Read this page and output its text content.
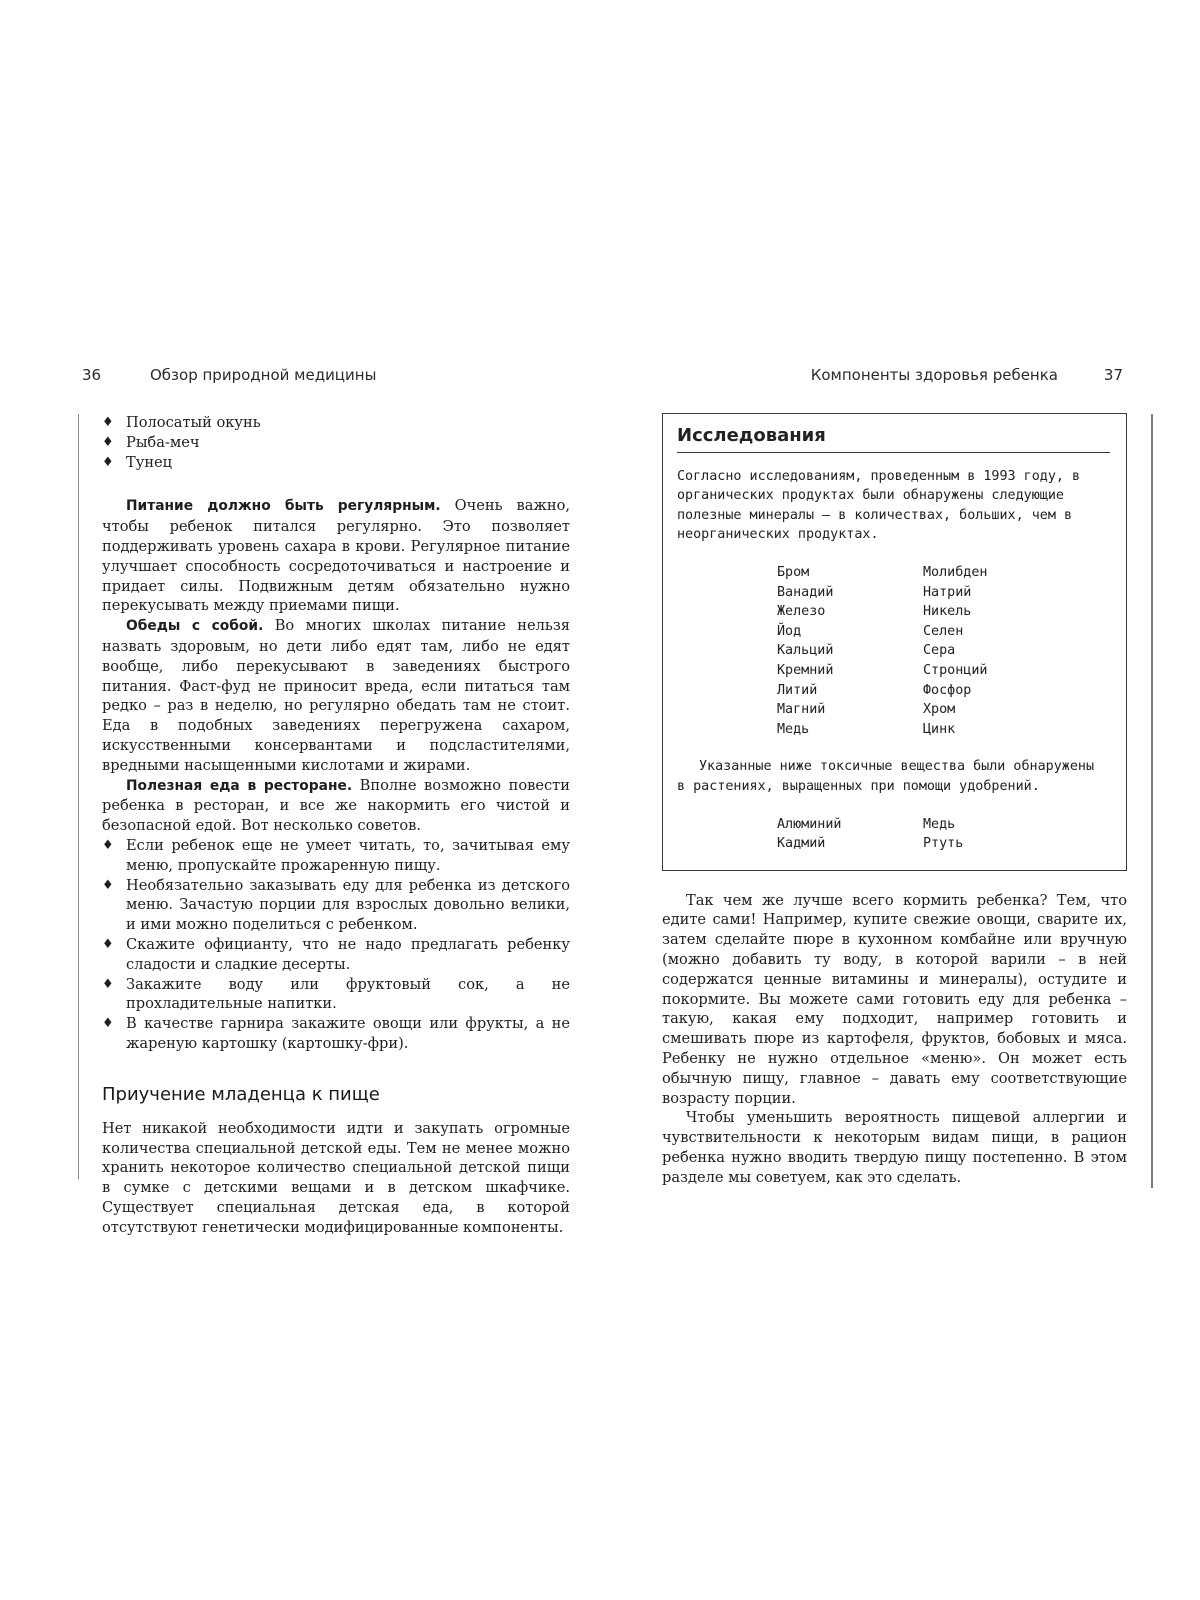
36	Обзор природной медицины
♦ Полосатый окунь
♦ Рыба-меч
♦ Тунец

Питание должно быть регулярным. Очень важно, чтобы ребенок питался регулярно. Это позволяет поддерживать уровень сахара в крови. Регулярное питание улучшает способность сосредоточиваться и настроение и придает силы. Подвижным детям обязательно нужно перекусывать между приемами пищи.

Обеды с собой. Во многих школах питание нельзя назвать здоровым, но дети либо едят там, либо не едят вообще, либо перекусывают в заведениях быстрого питания. Фаст-фуд не приносит вреда, если питаться там редко – раз в неделю, но регулярно обедать там не стоит. Еда в подобных заведениях перегружена сахаром, искусственными консервантами и подсластителями, вредными насыщенными кислотами и жирами.

Полезная еда в ресторане. Вполне возможно повести ребенка в ресторан, и все же накормить его чистой и безопасной едой. Вот несколько советов.

♦ Если ребенок еще не умеет читать, то, зачитывая ему меню, пропускайте прожаренную пищу.
♦ Необязательно заказывать еду для ребенка из детского меню. Зачастую порции для взрослых довольно велики, и ими можно поделиться с ребенком.
♦ Скажите официанту, что не надо предлагать ребенку сладости и сладкие десерты.
♦ Закажите воду или фруктовый сок, а не прохладительные напитки.
♦ В качестве гарнира закажите овощи или фрукты, а не жареную картошку (картошку-фри).
Приучение младенца к пище

Нет никакой необходимости идти и закупать огромные количества специальной детской еды. Тем не менее можно хранить некоторое количество специальной детской пищи в сумке с детскими вещами и в детском шкафчике. Существует специальная детская еда, в которой отсутствуют генетически модифицированные компоненты.

Компоненты здоровья ребенка	37
Исследования

Согласно исследованиям, проведенным в 1993 году, в органических продуктах были обнаружены следующие полезные минералы – в количествах, больших, чем в неорганических продуктах.

Бром
Ванадий
Железо
Йод
Кальций
Кремний
Литий
Магний
Медь
Молибден
Натрий
Никель
Селен
Сера
Стронций
Фосфор
Хром
Цинк

Указанные ниже токсичные вещества были обнаружены в растениях, выращенных при помощи удобрений.

Алюминий
Кадмий
Медь
Ртуть

Так чем же лучше всего кормить ребенка? Тем, что едите сами! Например, купите свежие овощи, сварите их, затем сделайте пюре в кухонном комбайне или вручную (можно добавить ту воду, в которой варили – в ней содержатся ценные витамины и минералы), остудите и покормите. Вы можете сами готовить еду для ребенка – такую, какая ему подходит, например готовить и смешивать пюре из картофеля, фруктов, бобовых и мяса. Ребенку не нужно отдельное «меню». Он может есть обычную пищу, главное – давать ему соответствующие возрасту порции.

Чтобы уменьшить вероятность пищевой аллергии и чувствительности к некоторым видам пищи, в рацион ребенка нужно вводить твердую пищу постепенно. В этом разделе мы советуем, как это сделать.
